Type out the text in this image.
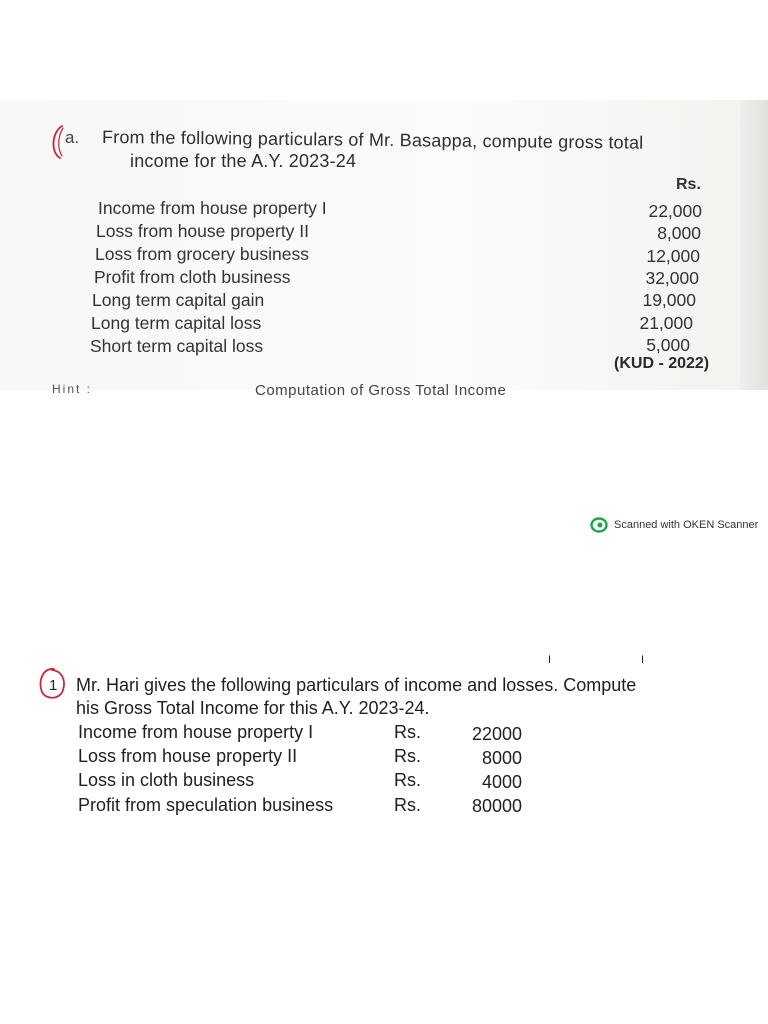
a. From the following particulars of Mr. Basappa, compute gross total
income for the A.Y. 2023-24
Rs.
Income from house property I	22,000
Loss from house property II	8,000
Loss from grocery business	12,000
Profit from cloth business	32,000
Long term capital gain	19,000
Long term capital loss	21,000
Short term capital loss	5,000
(KUD - 2022)
Hint :	Computation of Gross Total Income
Scanned with OKEN Scanner
I	I
1 Mr. Hari gives the following particulars of income and losses. Compute
his Gross Total Income for this A.Y. 2023-24.
Income from house property I	Rs.	22000
Loss from house property II	Rs.	8000
Loss in cloth business	Rs.	4000
Profit from speculation business	Rs.	80000
